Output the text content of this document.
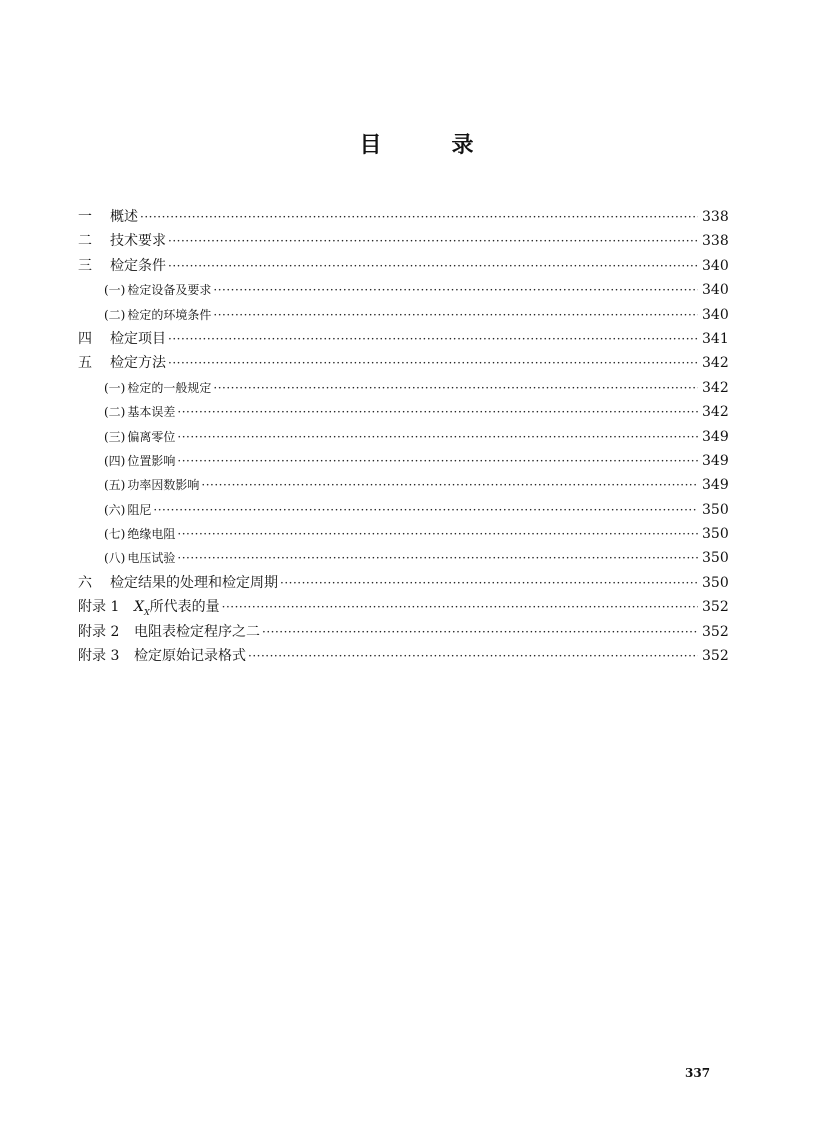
目	录
一	概述 ·····	338
二	技术要求 ·····	338
三	检定条件 ·····	340
(一) 检定设备及要求 ·····	340
(二) 检定的环境条件 ·····	340
四	检定项目 ·····	341
五	检定方法 ·····	342
(一) 检定的一般规定 ·····	342
(二) 基本误差 ·····	342
(三) 偏离零位 ·····	349
(四) 位置影响 ·····	349
(五) 功率因数影响 ·····	349
(六) 阻尼 ·····	350
(七) 绝缘电阻 ·····	350
(八) 电压试验 ·····	350
六	检定结果的处理和检定周期 ·····	350
附录 1	$X_X$所代表的量 ·····	352
附录 2	电阻表检定程序之二 ·····	352
附录 3	检定原始记录格式 ·····	352
337
